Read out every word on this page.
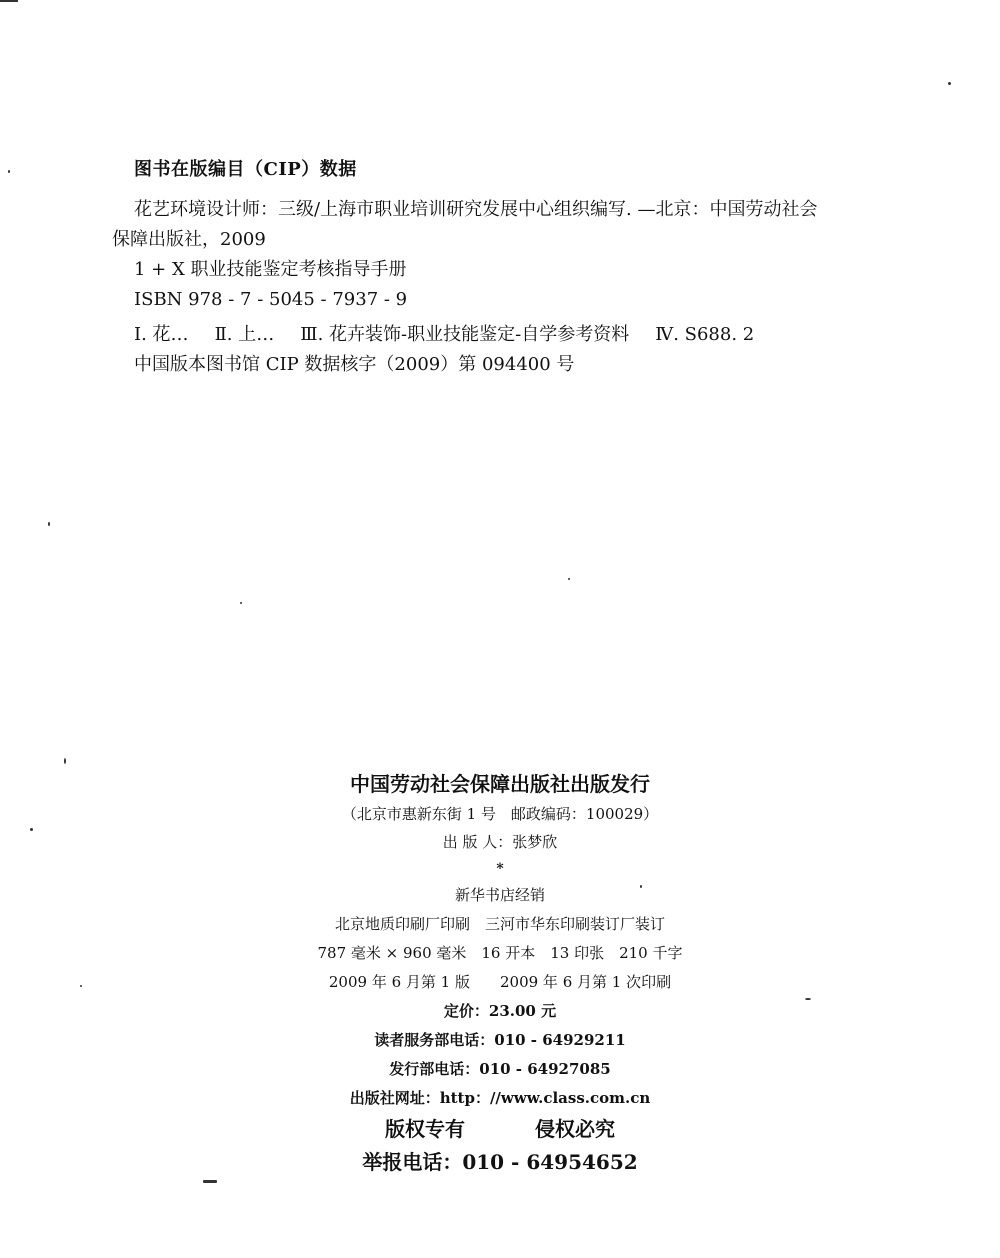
图书在版编目（CIP）数据
花艺环境设计师：三级/上海市职业培训研究发展中心组织编写. —北京：中国劳动社会
保障出版社，2009
1 + X 职业技能鉴定考核指导手册
ISBN 978 - 7 - 5045 - 7937 - 9
Ⅰ. 花… Ⅱ. 上… Ⅲ. 花卉装饰-职业技能鉴定-自学参考资料 Ⅳ. S688. 2
中国版本图书馆 CIP 数据核字（2009）第 094400 号
中国劳动社会保障出版社出版发行
（北京市惠新东街 1 号　邮政编码：100029）
出 版 人：张梦欣
*
新华书店经销
北京地质印刷厂印刷　三河市华东印刷装订厂装订
787 毫米 × 960 毫米　16 开本　13 印张　210 千字
2009 年 6 月第 1 版　　2009 年 6 月第 1 次印刷
定价：23.00 元
读者服务部电话：010 - 64929211
发行部电话：010 - 64927085
出版社网址：http：//www.class.com.cn
版权专有	侵权必究
举报电话：010 - 64954652
